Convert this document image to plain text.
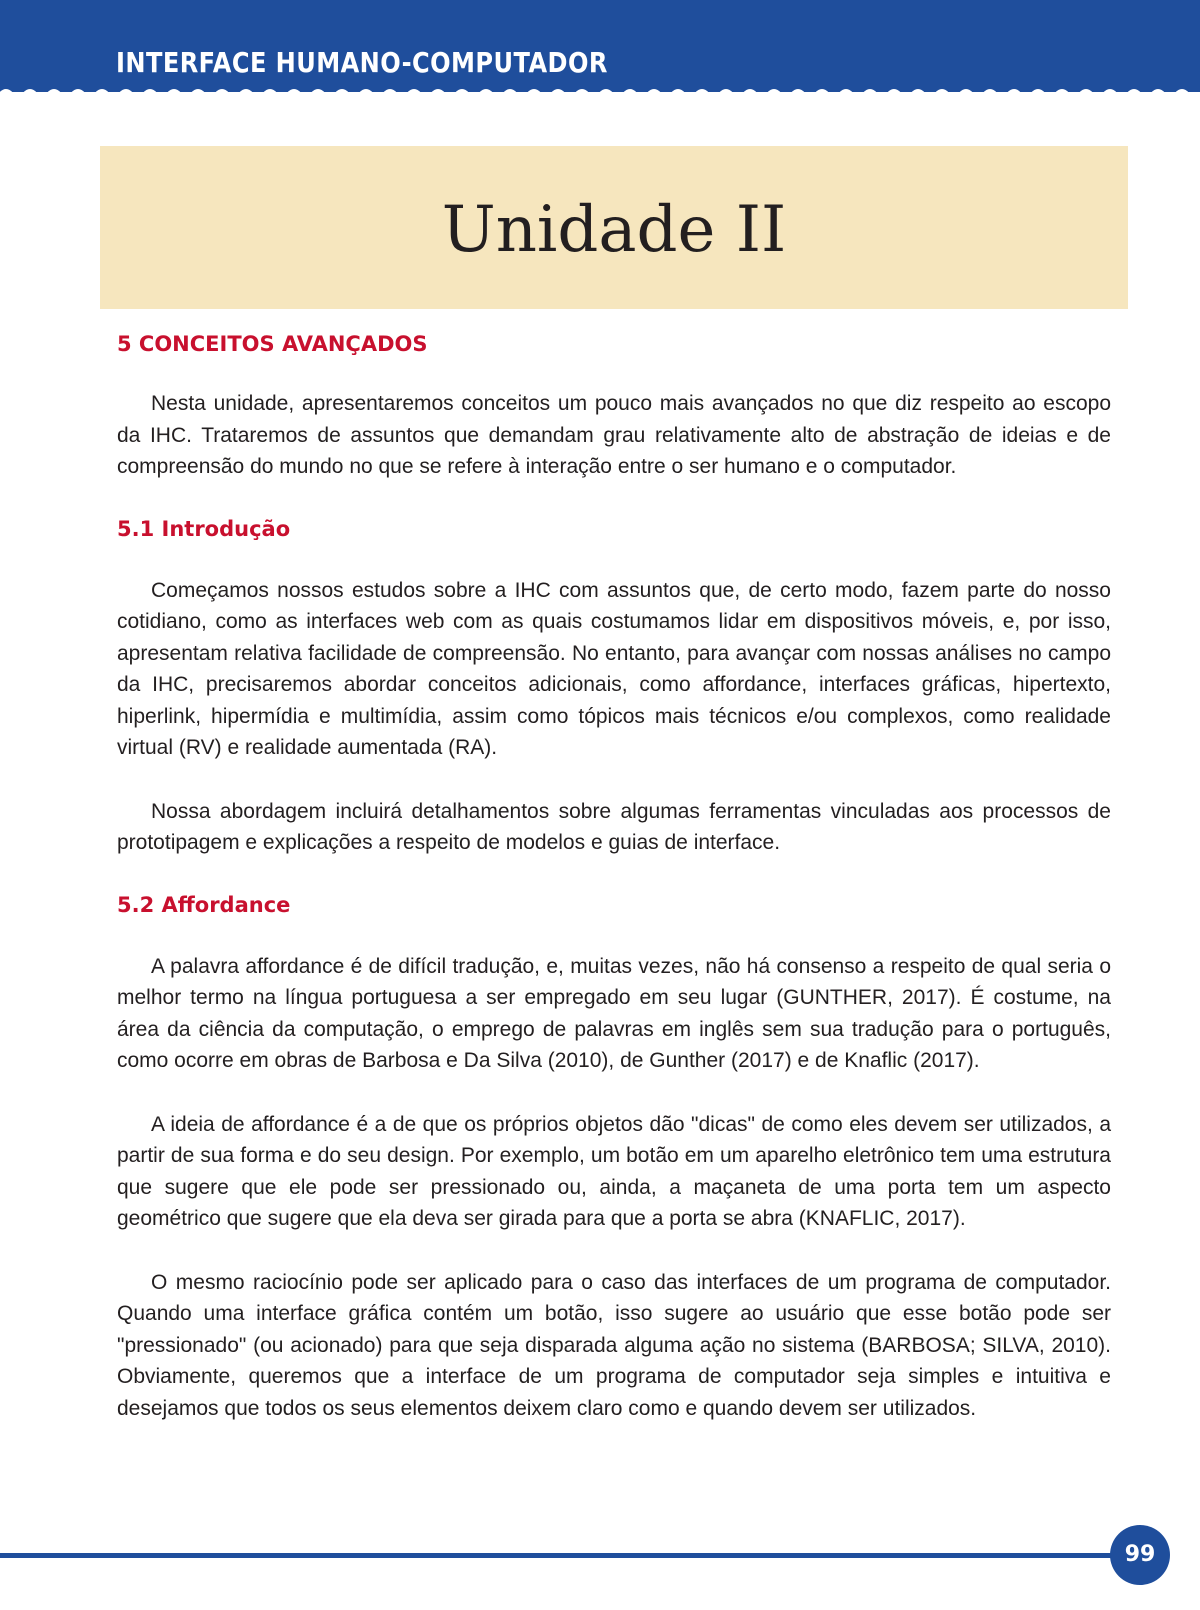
INTERFACE HUMANO-COMPUTADOR
Unidade II
5 CONCEITOS AVANÇADOS

Nesta unidade, apresentaremos conceitos um pouco mais avançados no que diz respeito ao escopo da IHC. Trataremos de assuntos que demandam grau relativamente alto de abstração de ideias e de compreensão do mundo no que se refere à interação entre o ser humano e o computador.

5.1 Introdução

Começamos nossos estudos sobre a IHC com assuntos que, de certo modo, fazem parte do nosso cotidiano, como as interfaces web com as quais costumamos lidar em dispositivos móveis, e, por isso, apresentam relativa facilidade de compreensão. No entanto, para avançar com nossas análises no campo da IHC, precisaremos abordar conceitos adicionais, como affordance, interfaces gráficas, hipertexto, hiperlink, hipermídia e multimídia, assim como tópicos mais técnicos e/ou complexos, como realidade virtual (RV) e realidade aumentada (RA).

Nossa abordagem incluirá detalhamentos sobre algumas ferramentas vinculadas aos processos de prototipagem e explicações a respeito de modelos e guias de interface.

5.2 Affordance

A palavra affordance é de difícil tradução, e, muitas vezes, não há consenso a respeito de qual seria o melhor termo na língua portuguesa a ser empregado em seu lugar (GUNTHER, 2017). É costume, na área da ciência da computação, o emprego de palavras em inglês sem sua tradução para o português, como ocorre em obras de Barbosa e Da Silva (2010), de Gunther (2017) e de Knaflic (2017).

A ideia de affordance é a de que os próprios objetos dão "dicas" de como eles devem ser utilizados, a partir de sua forma e do seu design. Por exemplo, um botão em um aparelho eletrônico tem uma estrutura que sugere que ele pode ser pressionado ou, ainda, a maçaneta de uma porta tem um aspecto geométrico que sugere que ela deva ser girada para que a porta se abra (KNAFLIC, 2017).

O mesmo raciocínio pode ser aplicado para o caso das interfaces de um programa de computador. Quando uma interface gráfica contém um botão, isso sugere ao usuário que esse botão pode ser "pressionado" (ou acionado) para que seja disparada alguma ação no sistema (BARBOSA; SILVA, 2010). Obviamente, queremos que a interface de um programa de computador seja simples e intuitiva e desejamos que todos os seus elementos deixem claro como e quando devem ser utilizados.

99
